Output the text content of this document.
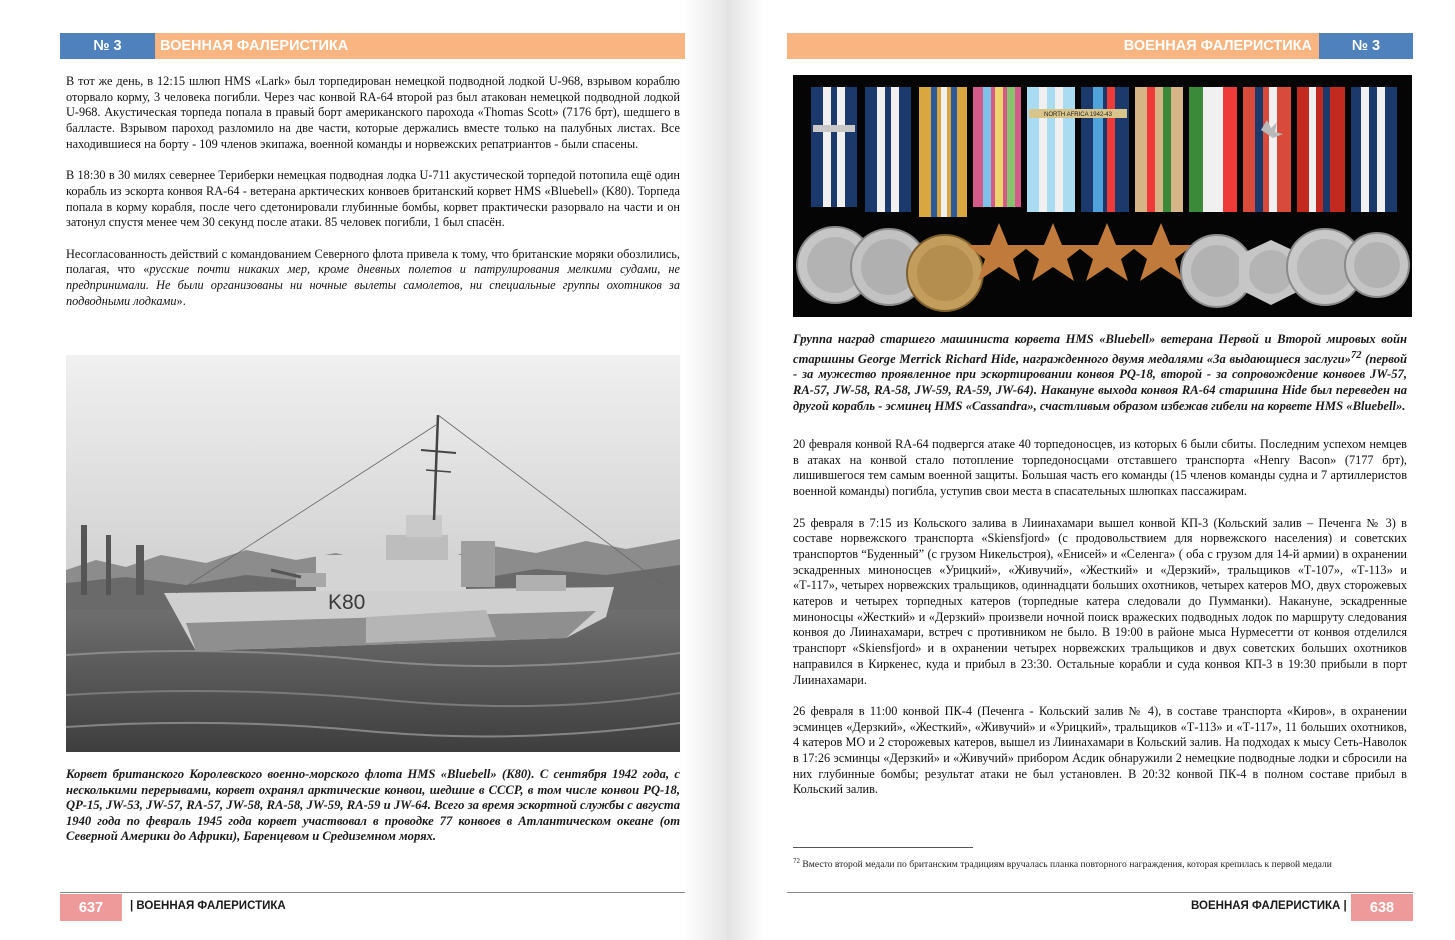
№ 3	ВОЕННАЯ ФАЛЕРИСТИКА

В тот же день, в 12:15 шлюп HMS «Lark» был торпедирован немецкой подводной лодкой U-968, взрывом кораблю оторвало корму, 3 человека погибли. Через час конвой RA-64 второй раз был атакован немецкой подводной лодкой U-968. Акустическая торпеда попала в правый борт американского парохода «Thomas Scott» (7176 брт), шедшего в балласте. Взрывом пароход разломило на две части, которые держались вместе только на палубных листах. Все находившиеся на борту - 109 членов экипажа, военной команды и норвежских репатриантов - были спасены.

В 18:30 в 30 милях севернее Териберки немецкая подводная лодка U-711 акустической торпедой потопила ещё один корабль из эскорта конвоя RA-64 - ветерана арктических конвоев британский корвет HMS «Bluebell» (K80). Торпеда попала в корму корабля, после чего сдетонировали глубинные бомбы, корвет практически разорвало на части и он затонул спустя менее чем 30 секунд после атаки. 85 человек погибли, 1 был спасён.

Несогласованность действий с командованием Северного флота привела к тому, что британские моряки обозлились, полагая, что «русские почти никаких мер, кроме дневных полетов и патрулирования мелкими судами, не предпринимали. Не были организованы ни ночные вылеты самолетов, ни специальные группы охотников за подводными лодками».

K80
Корвет британского Королевского военно-морского флота HMS «Bluebell» (K80). С сентября 1942 года, с несколькими перерывами, корвет охранял арктические конвои, шедшие в СССР, в том числе конвои PQ-18, QP-15, JW-53, JW-57, RA-57, JW-58, RA-58, JW-59, RA-59 и JW-64. Всего за время эскортной службы с августа 1940 года по февраль 1945 года корвет участвовал в проводке 77 конвоев в Атлантическом океане (от Северной Америки до Африки), Баренцевом и Средиземном морях.
637	| ВОЕННАЯ ФАЛЕРИСТИКА
ВОЕННАЯ ФАЛЕРИСТИКА	№ 3
NORTH AFRICA 1942-43
Группа наград старшего машиниста корвета HMS «Bluebell» ветерана Первой и Второй мировых войн старшины George Merrick Richard Hide, награжденного двумя медалями «За выдающиеся заслуги»$^{72}$ (первой - за мужество проявленное при эскортировании конвоя PQ-18, второй - за сопровождение конвоев JW-57, RA-57, JW-58, RA-58, JW-59, RA-59, JW-64). Накануне выхода конвоя RA-64 старшина Hide был переведен на другой корабль - эсминец HMS «Cassandra», счастливым образом избежав гибели на корвете HMS «Bluebell».

20 февраля конвой RA-64 подвергся атаке 40 торпедоносцев, из которых 6 были сбиты. Последним успехом немцев в атаках на конвой стало потопление торпедоносцами отставшего транспорта «Henry Bacon» (7177 брт), лишившегося тем самым военной защиты. Большая часть его команды (15 членов команды судна и 7 артиллеристов военной команды) погибла, уступив свои места в спасательных шлюпках пассажирам.

25 февраля в 7:15 из Кольского залива в Лиинахамари вышел конвой КП-3 (Кольский залив – Печенга № 3) в составе норвежского транспорта «Skiensfjord» (с продовольствием для норвежского населения) и советских транспортов “Буденный” (с грузом Никельстроя), «Енисей» и «Селенга» ( оба с грузом для 14-й армии) в охранении эскадренных миноносцев «Урицкий», «Живучий», «Жесткий» и «Дерзкий», тральщиков «Т-107», «Т-113» и «Т-117», четырех норвежских тральщиков, одиннадцати больших охотников, четырех катеров МО, двух сторожевых катеров и четырех торпедных катеров (торпедные катера следовали до Пумманки). Накануне, эскадренные миноносцы «Жесткий» и «Дерзкий» произвели ночной поиск вражеских подводных лодок по маршруту следования конвоя до Лиинахамари, встреч с противником не было. В 19:00 в районе мыса Нурмесетти от конвоя отделился транспорт «Skiensfjord» и в охранении четырех норвежских тральщиков и двух советских больших охотников направился в Киркенес, куда и прибыл в 23:30. Остальные корабли и суда конвоя КП-3 в 19:30 прибыли в порт Лиинахамари.

26 февраля в 11:00 конвой ПК-4 (Печенга - Кольский залив № 4), в составе транспорта «Киров», в охранении эсминцев «Дерзкий», «Жесткий», «Живучий» и «Урицкий», тральщиков «Т-113» и «Т-117», 11 больших охотников, 4 катеров МО и 2 сторожевых катеров, вышел из Лиинахамари в Кольский залив. На подходах к мысу Сеть-Наволок в 17:26 эсминцы «Дерзкий» и «Живучий» прибором Асдик обнаружили 2 немецкие подводные лодки и сбросили на них глубинные бомбы; результат атаки не был установлен. В 20:32 конвой ПК-4 в полном составе прибыл в Кольский залив.

$^{72}$ Вместо второй медали по британским традициям вручалась планка повторного награждения, которая крепилась к первой медали
ВОЕННАЯ ФАЛЕРИСТИКА |	638
